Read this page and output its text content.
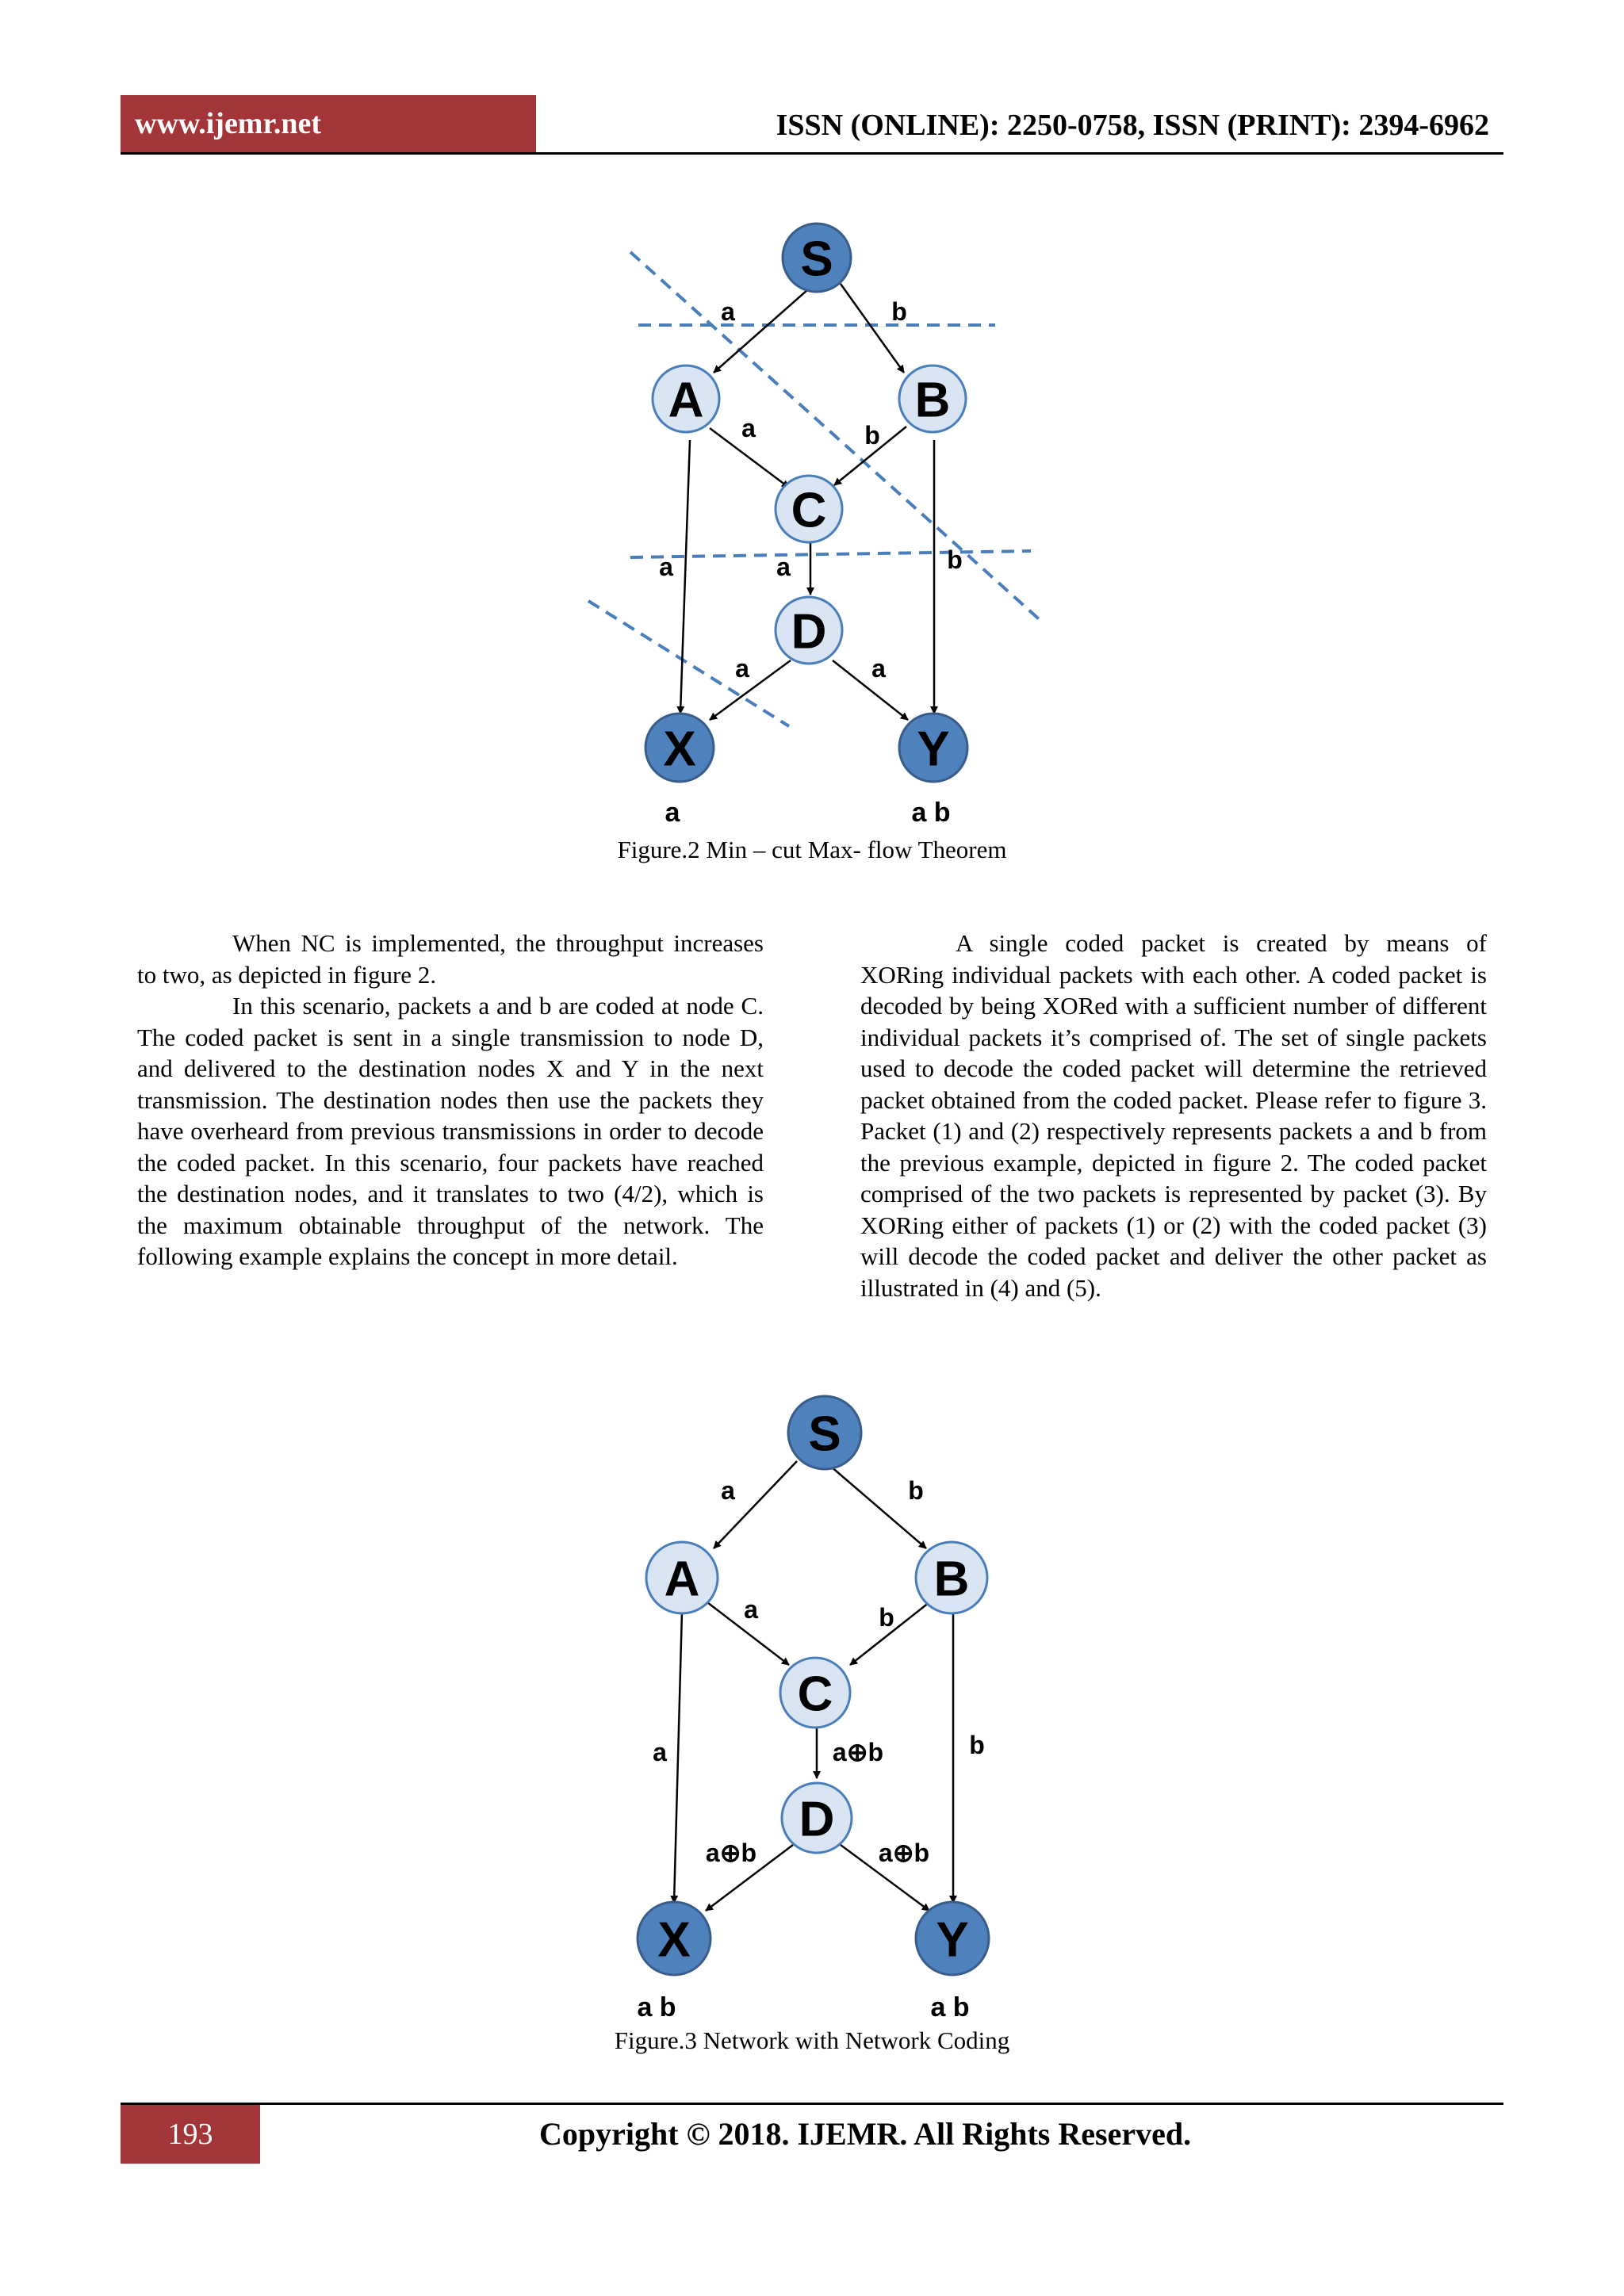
www.ijemr.net	ISSN (ONLINE): 2250-0758, ISSN (PRINT): 2394-6962
S
A	B
C
D
X	Y
a	b
a	b
a	a	b
a	a
a	a b
Figure.2 Min – cut Max- flow Theorem

When NC is implemented, the throughput increases to two, as depicted in figure 2.

In this scenario, packets a and b are coded at node C. The coded packet is sent in a single transmission to node D, and delivered to the destination nodes X and Y in the next transmission. The destination nodes then use the packets they have overheard from previous transmissions in order to decode the coded packet. In this scenario, four packets have reached the destination nodes, and it translates to two (4/2), which is the maximum obtainable throughput of the network. The following example explains the concept in more detail.

A single coded packet is created by means of XORing individual packets with each other. A coded packet is decoded by being XORed with a sufficient number of different individual packets it’s comprised of. The set of single packets used to decode the coded packet will determine the retrieved packet obtained from the coded packet. Please refer to figure 3. Packet (1) and (2) respectively represents packets a and b from the previous example, depicted in figure 2. The coded packet comprised of the two packets is represented by packet (3). By XORing either of packets (1) or (2) with the coded packet (3) will decode the coded packet and deliver the other packet as illustrated in (4) and (5).

S
A	B
C
D
X	Y
a	b
a	b
a	a⊕b	b
a⊕b	a⊕b
a b	a b
Figure.3 Network with Network Coding
193	Copyright © 2018. IJEMR. All Rights Reserved.
